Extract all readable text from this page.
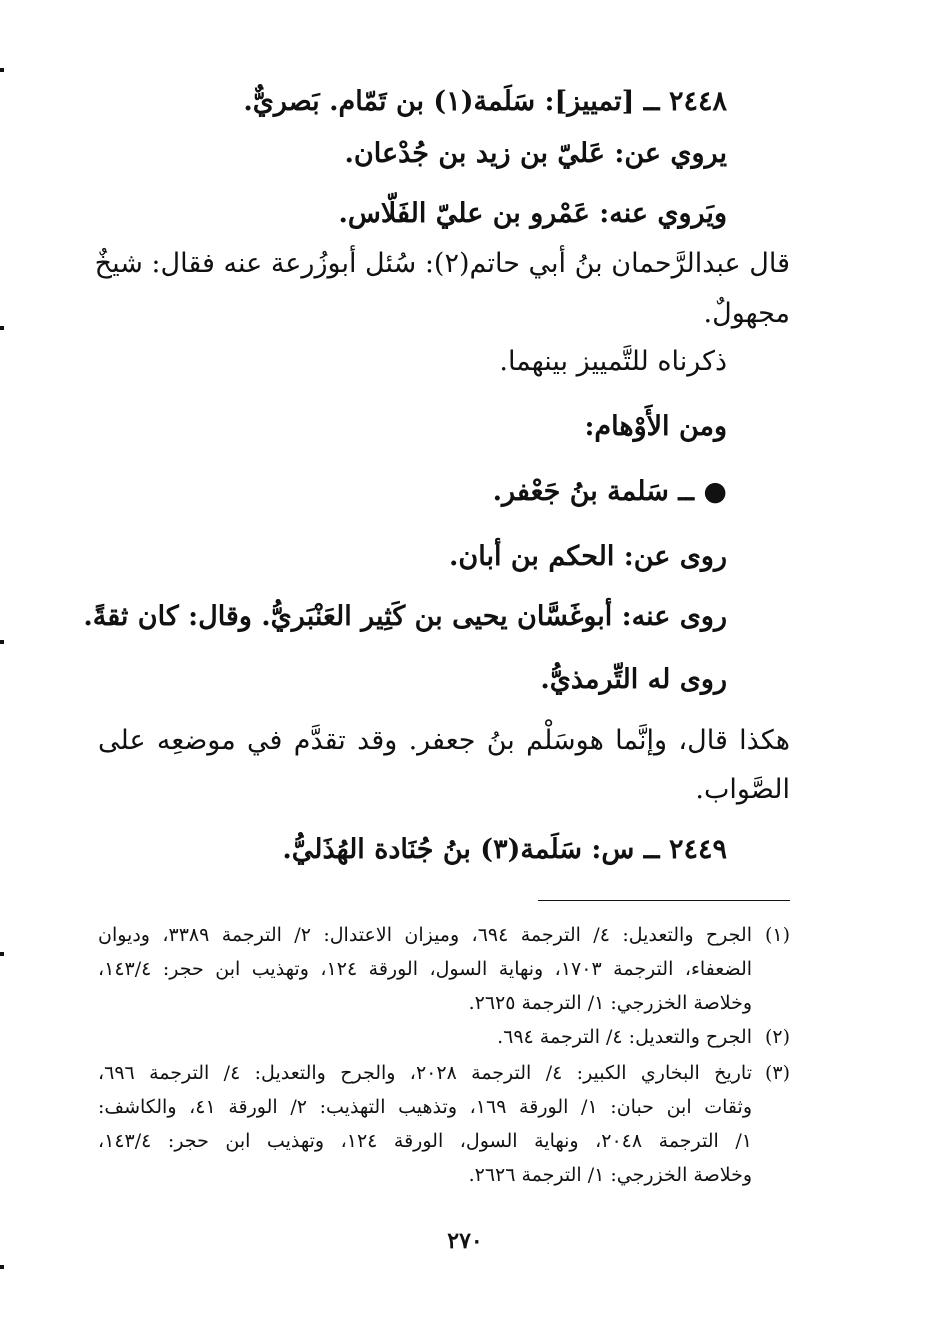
٢٤٤٨ ــ [تمييز]: سَلَمة(١) بن تَمّام. بَصريٌّ.
يروي عن: عَليّ بن زيد بن جُدْعان.
ويَروي عنه: عَمْرو بن عليّ الفَلّاس.
قال عبدالرَّحمان بنُ أبي حاتم(٢): سُئل أبوزُرعة عنه فقال: شيخٌ
مجهولٌ.
ذكرناه للتَّمييز بينهما.
ومن الأَوْهام:
● ــ سَلمة بنُ جَعْفر.
روى عن: الحكم بن أبان.
روى عنه: أبوغَسَّان يحيى بن كَثِير العَنْبَريُّ. وقال: كان ثقةً.
روى له التِّرمذيُّ.
هكذا قال، وإنَّما هوسَلْم بنُ جعفر. وقد تقدَّم في موضعِه على
الصَّواب.
٢٤٤٩ ــ س: سَلَمة(٣) بنُ جُنَادة الهُذَليُّ.
(١)
الجرح والتعديل: ٤/ الترجمة ٦٩٤، وميزان الاعتدال: ٢/ الترجمة ٣٣٨٩، وديوان
الضعفاء، الترجمة ١٧٠٣، ونهاية السول، الورقة ١٢٤، وتهذيب ابن حجر: ١٤٣/٤،
وخلاصة الخزرجي: ١/ الترجمة ٢٦٢٥.
(٢)
الجرح والتعديل: ٤/ الترجمة ٦٩٤.
(٣)
تاريخ البخاري الكبير: ٤/ الترجمة ٢٠٢٨، والجرح والتعديل: ٤/ الترجمة ٦٩٦،
وثقات ابن حبان: ١/ الورقة ١٦٩، وتذهيب التهذيب: ٢/ الورقة ٤١، والكاشف:
١/ الترجمة ٢٠٤٨، ونهاية السول، الورقة ١٢٤، وتهذيب ابن حجر: ١٤٣/٤،
وخلاصة الخزرجي: ١/ الترجمة ٢٦٢٦.
٢٧٠
